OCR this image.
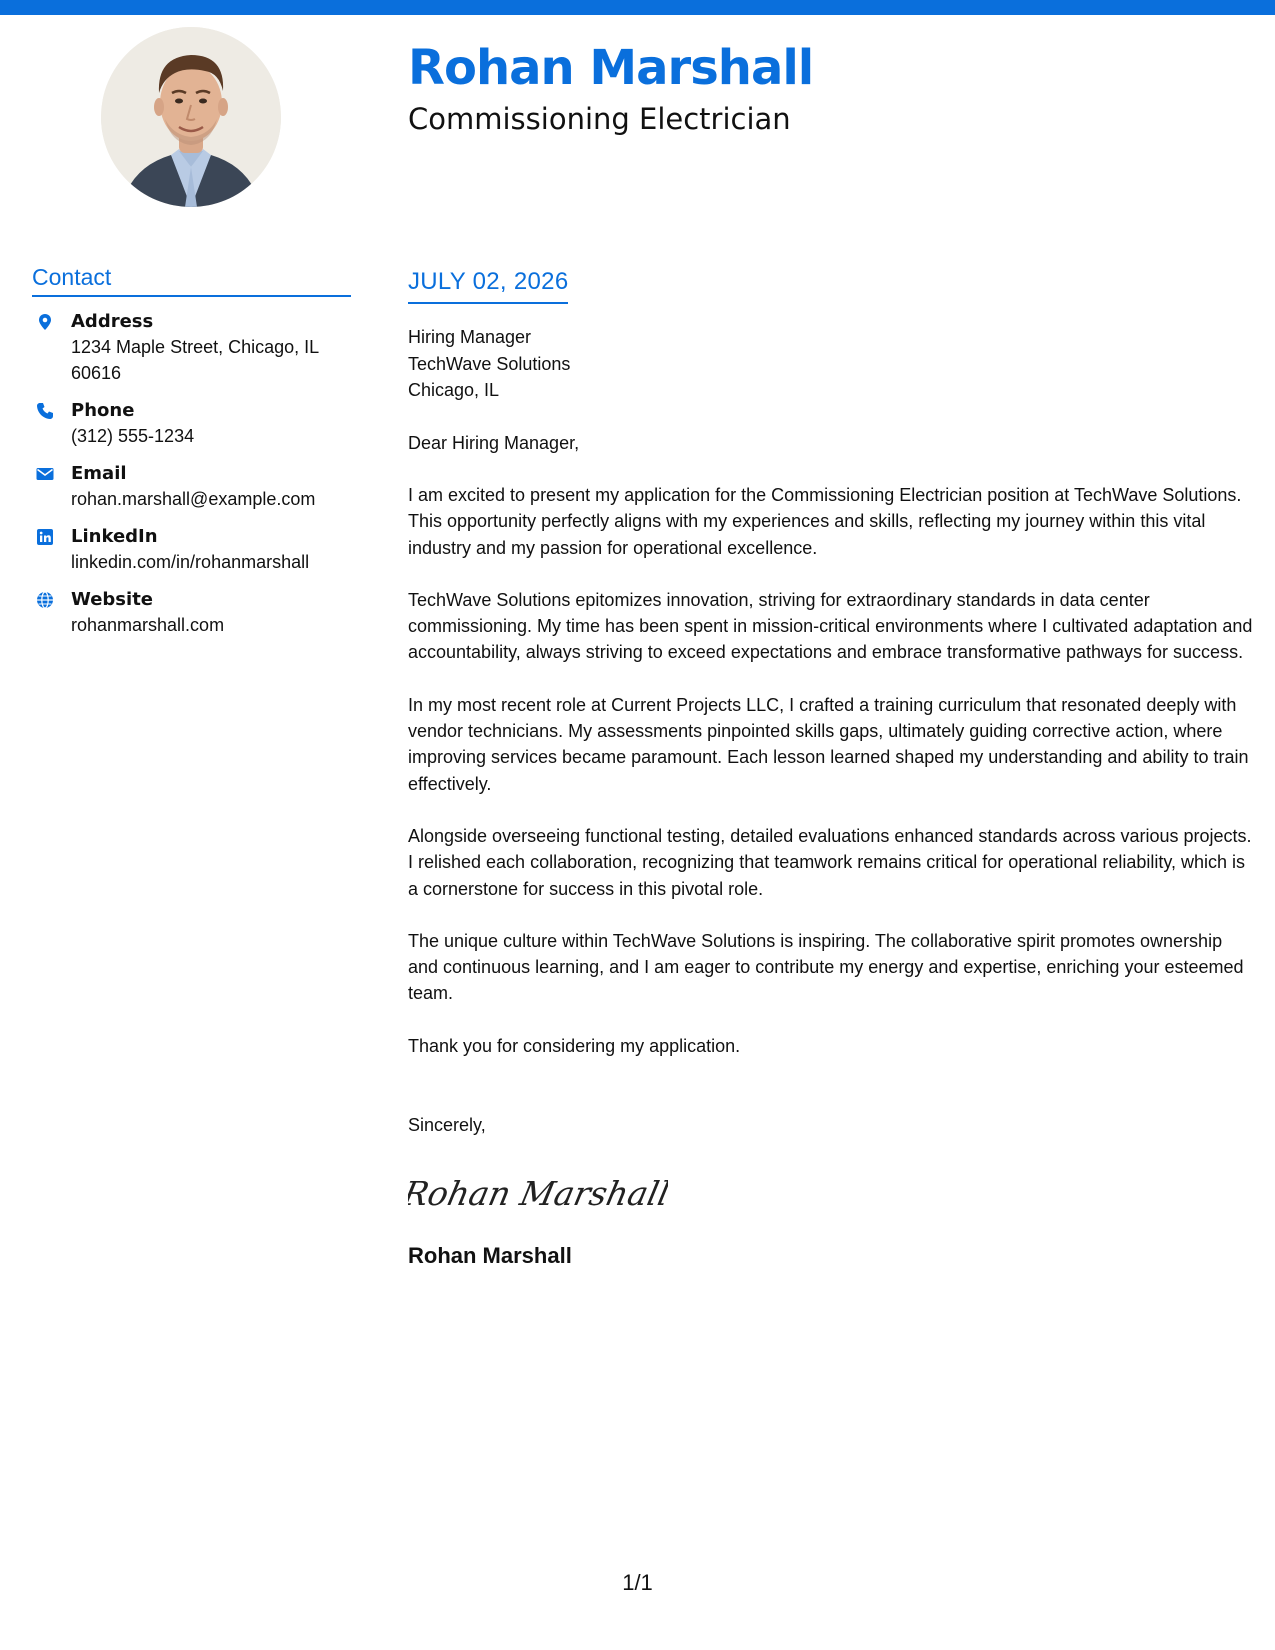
Rohan Marshall
Commissioning Electrician
Contact
Address
1234 Maple Street, Chicago, IL 60616
Phone
(312) 555-1234
Email
rohan.marshall@example.com
LinkedIn
linkedin.com/in/rohanmarshall
Website
rohanmarshall.com
JULY 02, 2026
Hiring Manager
TechWave Solutions
Chicago, IL
Dear Hiring Manager,

I am excited to present my application for the Commissioning Electrician position at TechWave Solutions. This opportunity perfectly aligns with my experiences and skills, reflecting my journey within this vital industry and my passion for operational excellence.

TechWave Solutions epitomizes innovation, striving for extraordinary standards in data center commissioning. My time has been spent in mission-critical environments where I cultivated adaptation and accountability, always striving to exceed expectations and embrace transformative pathways for success.

In my most recent role at Current Projects LLC, I crafted a training curriculum that resonated deeply with vendor technicians. My assessments pinpointed skills gaps, ultimately guiding corrective action, where improving services became paramount. Each lesson learned shaped my understanding and ability to train effectively.

Alongside overseeing functional testing, detailed evaluations enhanced standards across various projects. I relished each collaboration, recognizing that teamwork remains critical for operational reliability, which is a cornerstone for success in this pivotal role.

The unique culture within TechWave Solutions is inspiring. The collaborative spirit promotes ownership and continuous learning, and I am eager to contribute my energy and expertise, enriching your esteemed team.

Thank you for considering my application.

Sincerely,
Rohan Marshall
Rohan Marshall
1/1
